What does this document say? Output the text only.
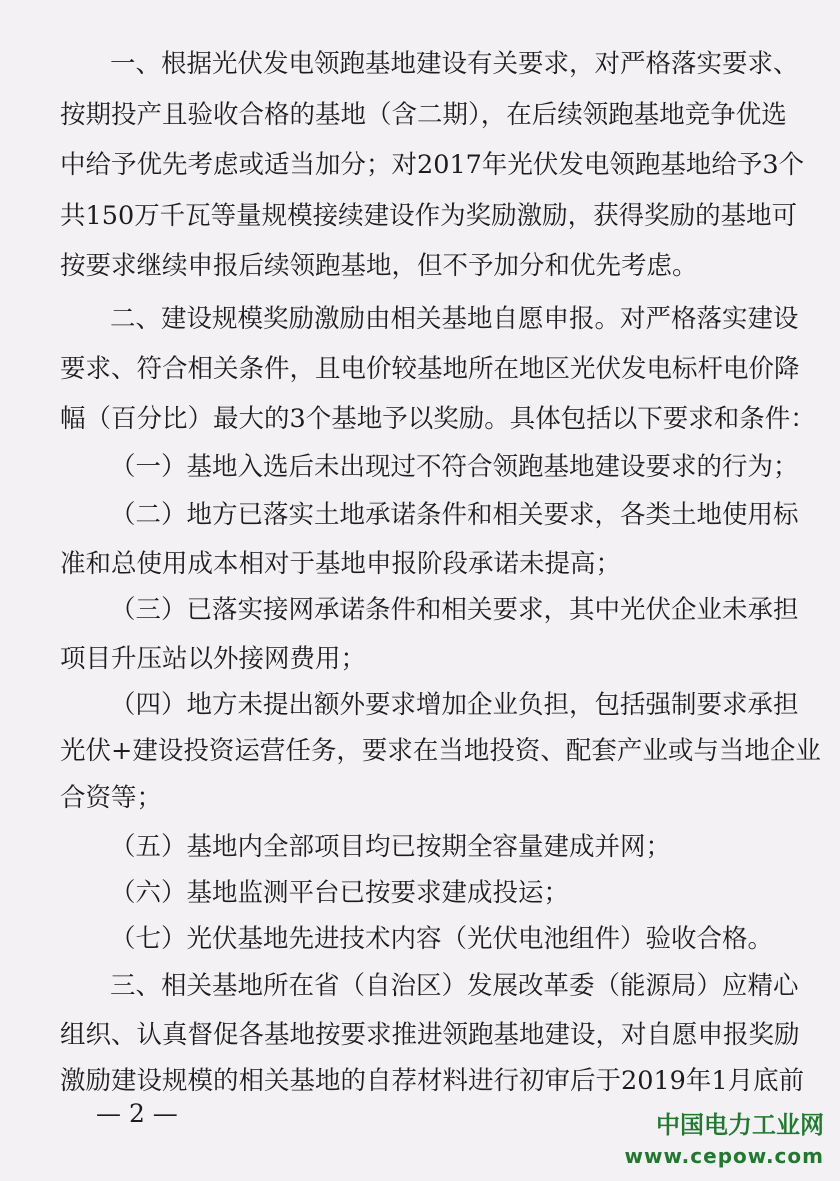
一、根据光伏发电领跑基地建设有关要求，对严格落实要求、
按期投产且验收合格的基地（含二期），在后续领跑基地竞争优选
中给予优先考虑或适当加分；对2017年光伏发电领跑基地给予3个
共150万千瓦等量规模接续建设作为奖励激励，获得奖励的基地可
按要求继续申报后续领跑基地，但不予加分和优先考虑。
二、建设规模奖励激励由相关基地自愿申报。对严格落实建设
要求、符合相关条件，且电价较基地所在地区光伏发电标杆电价降
幅（百分比）最大的3个基地予以奖励。具体包括以下要求和条件：
（一）基地入选后未出现过不符合领跑基地建设要求的行为；
（二）地方已落实土地承诺条件和相关要求，各类土地使用标
准和总使用成本相对于基地申报阶段承诺未提高；
（三）已落实接网承诺条件和相关要求，其中光伏企业未承担
项目升压站以外接网费用；
（四）地方未提出额外要求增加企业负担，包括强制要求承担
光伏+建设投资运营任务，要求在当地投资、配套产业或与当地企业
合资等；
（五）基地内全部项目均已按期全容量建成并网；
（六）基地监测平台已按要求建成投运；
（七）光伏基地先进技术内容（光伏电池组件）验收合格。
三、相关基地所在省（自治区）发展改革委（能源局）应精心
组织、认真督促各基地按要求推进领跑基地建设，对自愿申报奖励
激励建设规模的相关基地的自荐材料进行初审后于2019年1月底前
— 2 —	中国电力工业网
www.cepow.com
